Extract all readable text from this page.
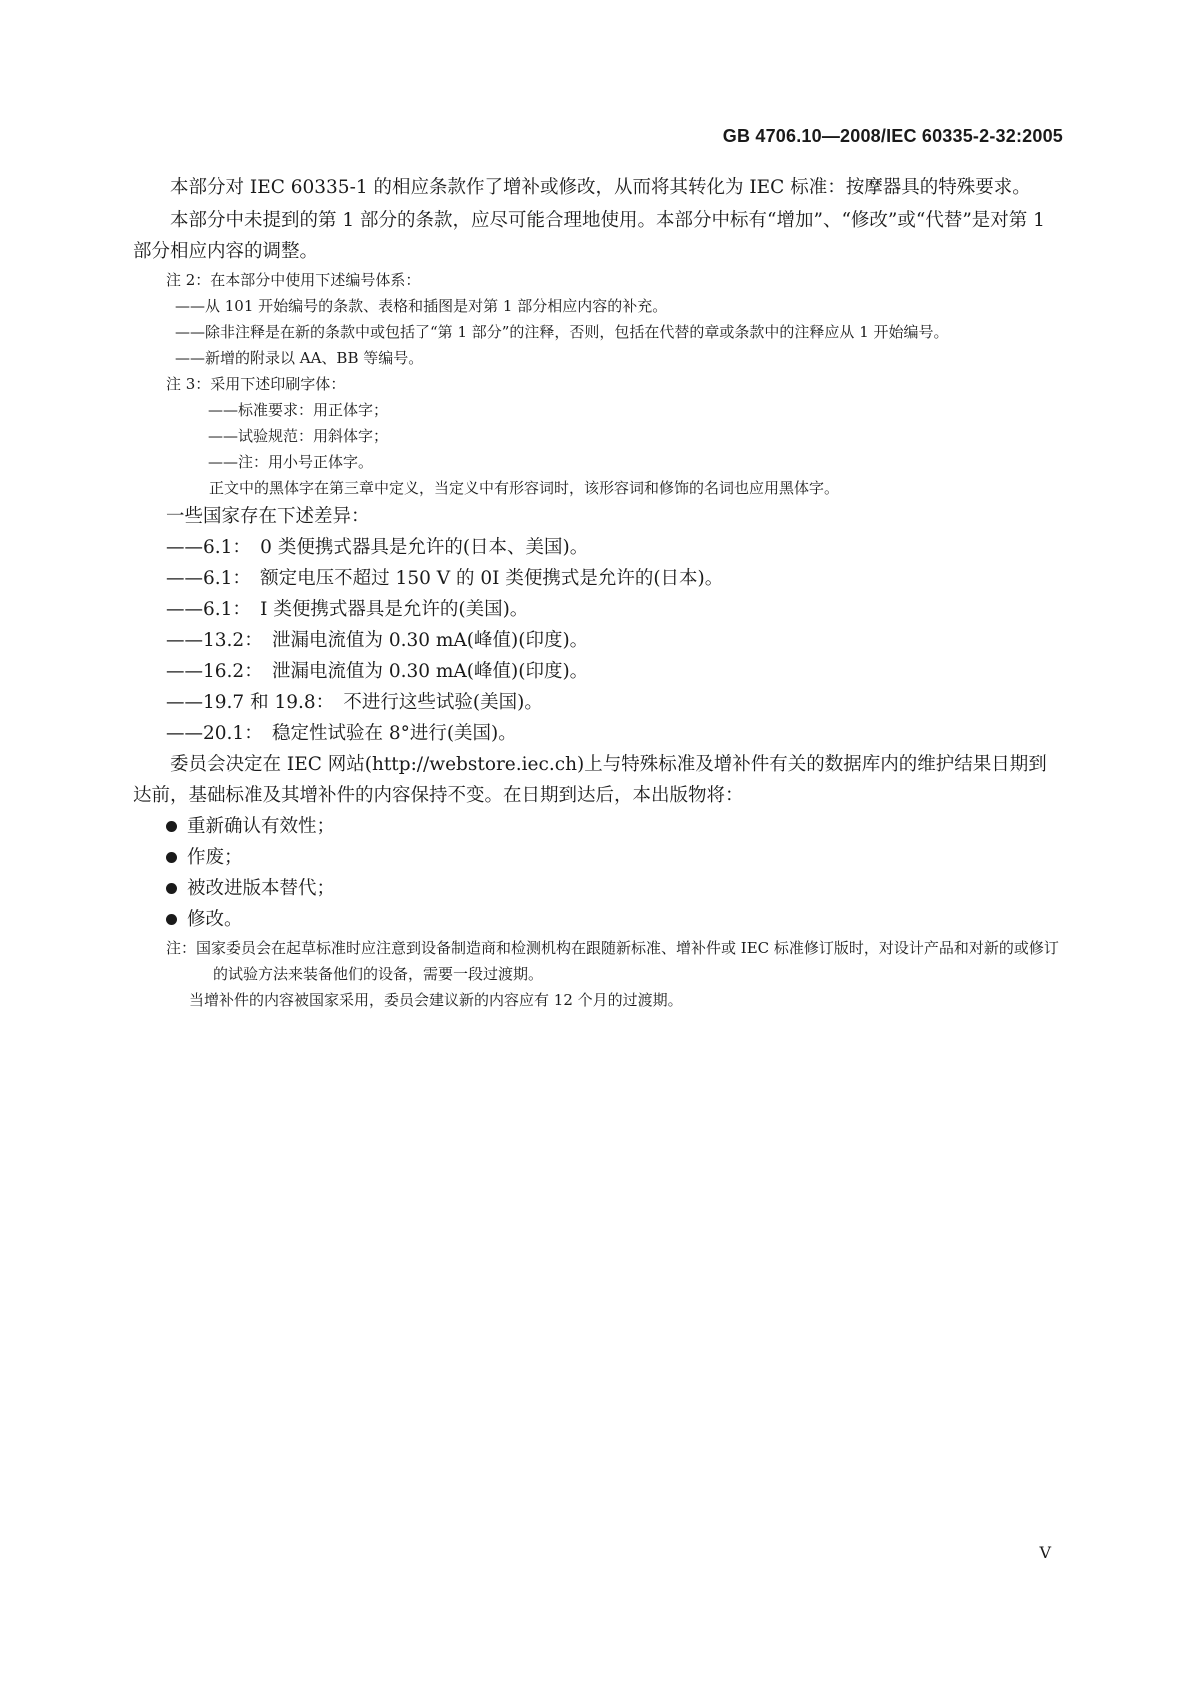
GB 4706.10—2008/IEC 60335-2-32:2005

本部分对 IEC 60335-1 的相应条款作了增补或修改，从而将其转化为 IEC 标准：按摩器具的特殊要求。

本部分中未提到的第 1 部分的条款，应尽可能合理地使用。本部分中标有“增加”、“修改”或“代替”是对第 1 部分相应内容的调整。

注 2：在本部分中使用下述编号体系：

——从 101 开始编号的条款、表格和插图是对第 1 部分相应内容的补充。

——除非注释是在新的条款中或包括了“第 1 部分”的注释，否则，包括在代替的章或条款中的注释应从 1 开始编号。

——新增的附录以 AA、BB 等编号。

注 3：采用下述印刷字体：

——标准要求：用正体字；

——试验规范：用斜体字；

——注：用小号正体字。

正文中的黑体字在第三章中定义，当定义中有形容词时，该形容词和修饰的名词也应用黑体字。

一些国家存在下述差异：

——6.1：　0 类便携式器具是允许的(日本、美国)。

——6.1：　额定电压不超过 150 V 的 0I 类便携式是允许的(日本)。

——6.1：　I 类便携式器具是允许的(美国)。

——13.2：　泄漏电流值为 0.30 mA(峰值)(印度)。

——16.2：　泄漏电流值为 0.30 mA(峰值)(印度)。

——19.7 和 19.8：　不进行这些试验(美国)。

——20.1：　稳定性试验在 8°进行(美国)。

委员会决定在 IEC 网站(http://webstore.iec.ch)上与特殊标准及增补件有关的数据库内的维护结果日期到达前，基础标准及其增补件的内容保持不变。在日期到达后，本出版物将：

重新确认有效性；
作废；
被改进版本替代；
修改。

注：国家委员会在起草标准时应注意到设备制造商和检测机构在跟随新标准、增补件或 IEC 标准修订版时，对设计产品和对新的或修订的试验方法来装备他们的设备，需要一段过渡期。

当增补件的内容被国家采用，委员会建议新的内容应有 12 个月的过渡期。

V
